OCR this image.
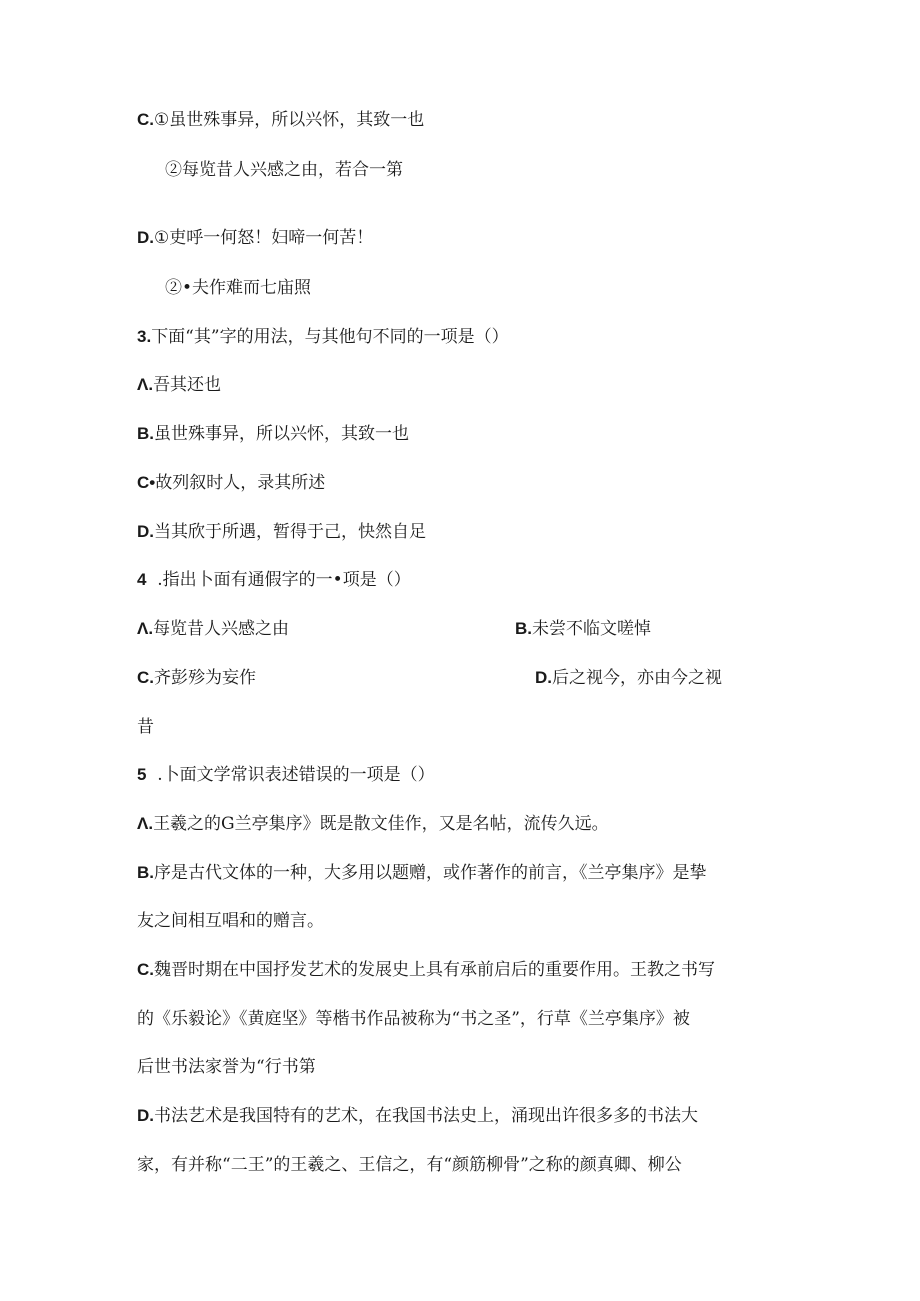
C.①虽世殊事异，所以兴怀，其致一也
②每览昔人兴感之由，若合一第
D.①吏呼一何怒！妇啼一何苦！
②•夫作难而七庙照
3.下面“其”字的用法，与其他句不同的一项是（）
Λ.吾其还也
B.虽世殊事异，所以兴怀，其致一也
C•故列叙时人，录其所述
D.当其欣于所遇，暂得于己，快然自足
4  .指出卜面有通假字的一•项是（）
Λ.每览昔人兴感之由	B.未尝不临文嗟悼
C.齐彭殄为妄作	D.后之视今，亦由今之视
昔
5  .卜面文学常识表述错误的一项是（）
Λ.王羲之的G兰亭集序》既是散文佳作，又是名帖，流传久远。
B.序是古代文体的一种，大多用以题赠，或作著作的前言，《兰亭集序》是挚
友之间相互唱和的赠言。
C.魏晋时期在中国抒发艺术的发展史上具有承前启后的重要作用。王教之书写
的《乐毅论》《黄庭坚》等楷书作品被称为“书之圣”，行草《兰亭集序》被
后世书法家誉为“行书第
D.书法艺术是我国特有的艺术，在我国书法史上，涌现出许很多多的书法大
家，有并称“二王”的王羲之、王信之，有“颜筋柳骨”之称的颜真卿、柳公
